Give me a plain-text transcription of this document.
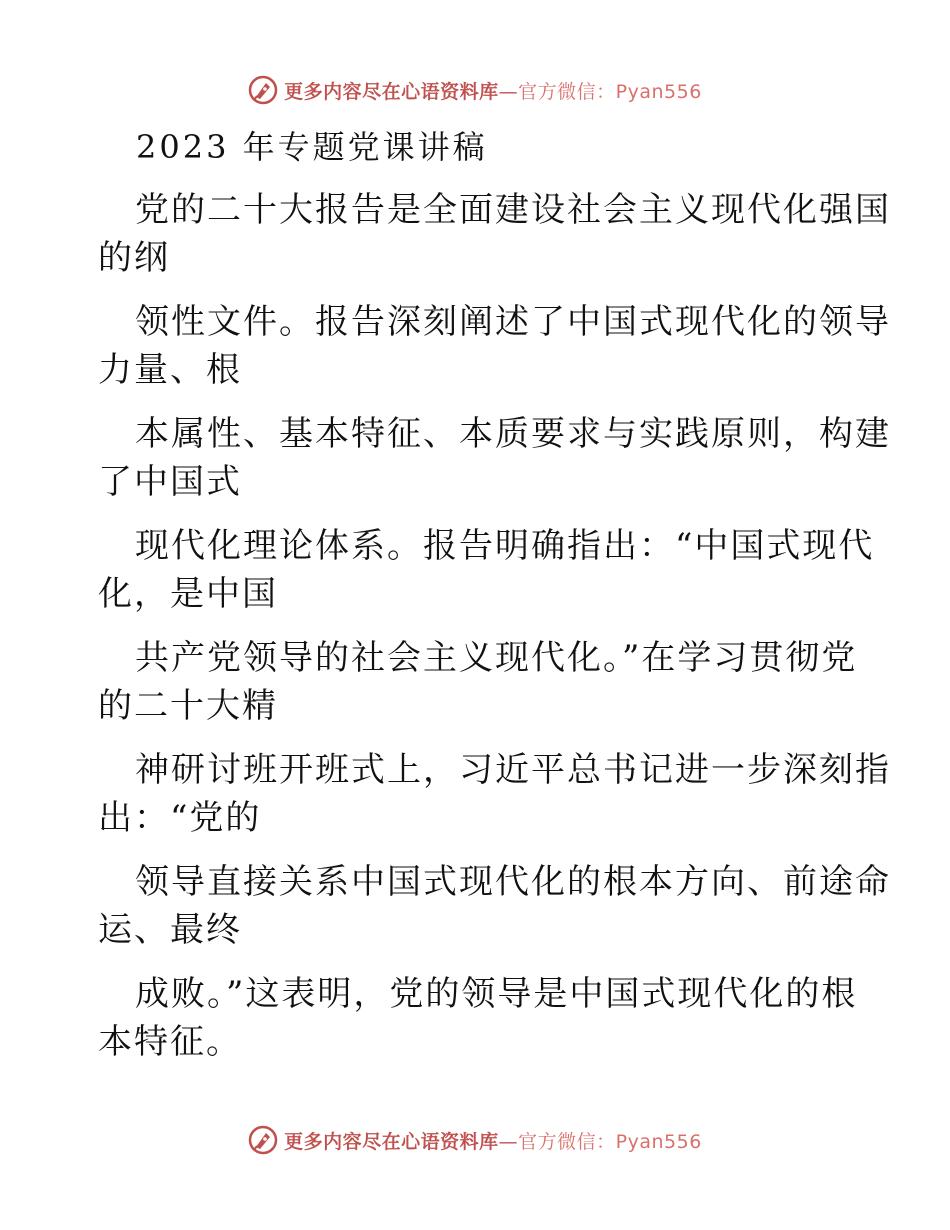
更多内容尽在心语资料库—官方微信：Pyan556

2023 年专题党课讲稿

党的二十大报告是全面建设社会主义现代化强国

的纲

领性文件。报告深刻阐述了中国式现代化的领导

力量、根

本属性、基本特征、本质要求与实践原则，构建

了中国式

现代化理论体系。报告明确指出：“中国式现代

化，是中国

共产党领导的社会主义现代化。”在学习贯彻党

的二十大精

神研讨班开班式上，习近平总书记进一步深刻指

出：“党的

领导直接关系中国式现代化的根本方向、前途命

运、最终

成败。”这表明，党的领导是中国式现代化的根

本特征。

更多内容尽在心语资料库—官方微信：Pyan556
